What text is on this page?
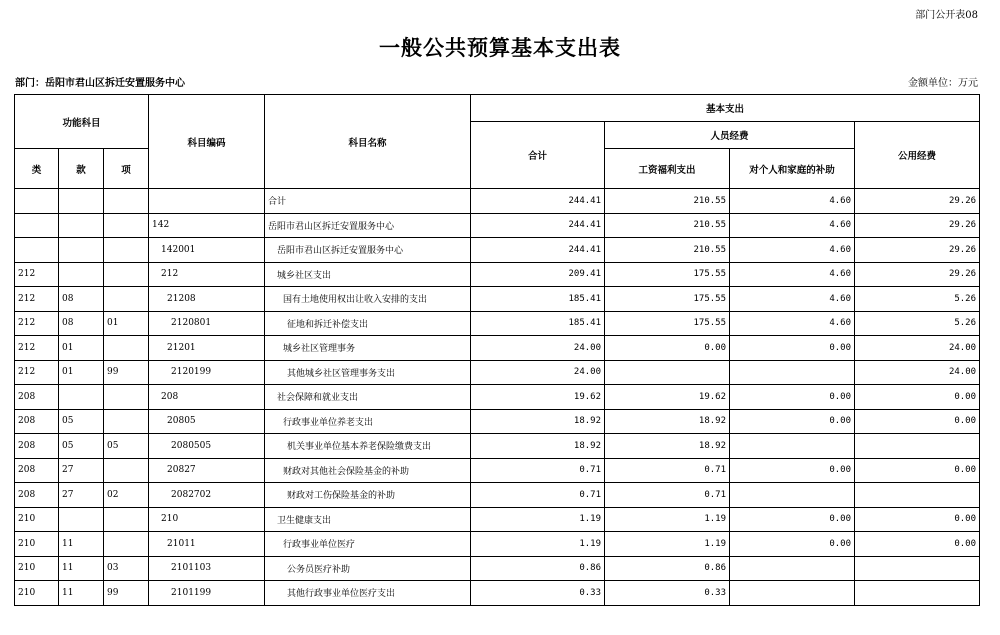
部门公开表08
一般公共预算基本支出表
部门：岳阳市君山区拆迁安置服务中心	金额单位：万元
功能科目			科目编码	科目名称	基本支出			
					合计	人员经费		公用经费
类	款	项				工资福利支出	对个人和家庭的补助	
				合计	244.41	210.55	4.60	29.26
			142	岳阳市君山区拆迁安置服务中心	244.41	210.55	4.60	29.26
			142001	岳阳市君山区拆迁安置服务中心	244.41	210.55	4.60	29.26
212			212	城乡社区支出	209.41	175.55	4.60	29.26
212	08		21208	国有土地使用权出让收入安排的支出	185.41	175.55	4.60	5.26
212	08	01	2120801	征地和拆迁补偿支出	185.41	175.55	4.60	5.26
212	01		21201	城乡社区管理事务	24.00	0.00	0.00	24.00
212	01	99	2120199	其他城乡社区管理事务支出	24.00			24.00
208			208	社会保障和就业支出	19.62	19.62	0.00	0.00
208	05		20805	行政事业单位养老支出	18.92	18.92	0.00	0.00
208	05	05	2080505	机关事业单位基本养老保险缴费支出	18.92	18.92		
208	27		20827	财政对其他社会保险基金的补助	0.71	0.71	0.00	0.00
208	27	02	2082702	财政对工伤保险基金的补助	0.71	0.71		
210			210	卫生健康支出	1.19	1.19	0.00	0.00
210	11		21011	行政事业单位医疗	1.19	1.19	0.00	0.00
210	11	03	2101103	公务员医疗补助	0.86	0.86		
210	11	99	2101199	其他行政事业单位医疗支出	0.33	0.33		
